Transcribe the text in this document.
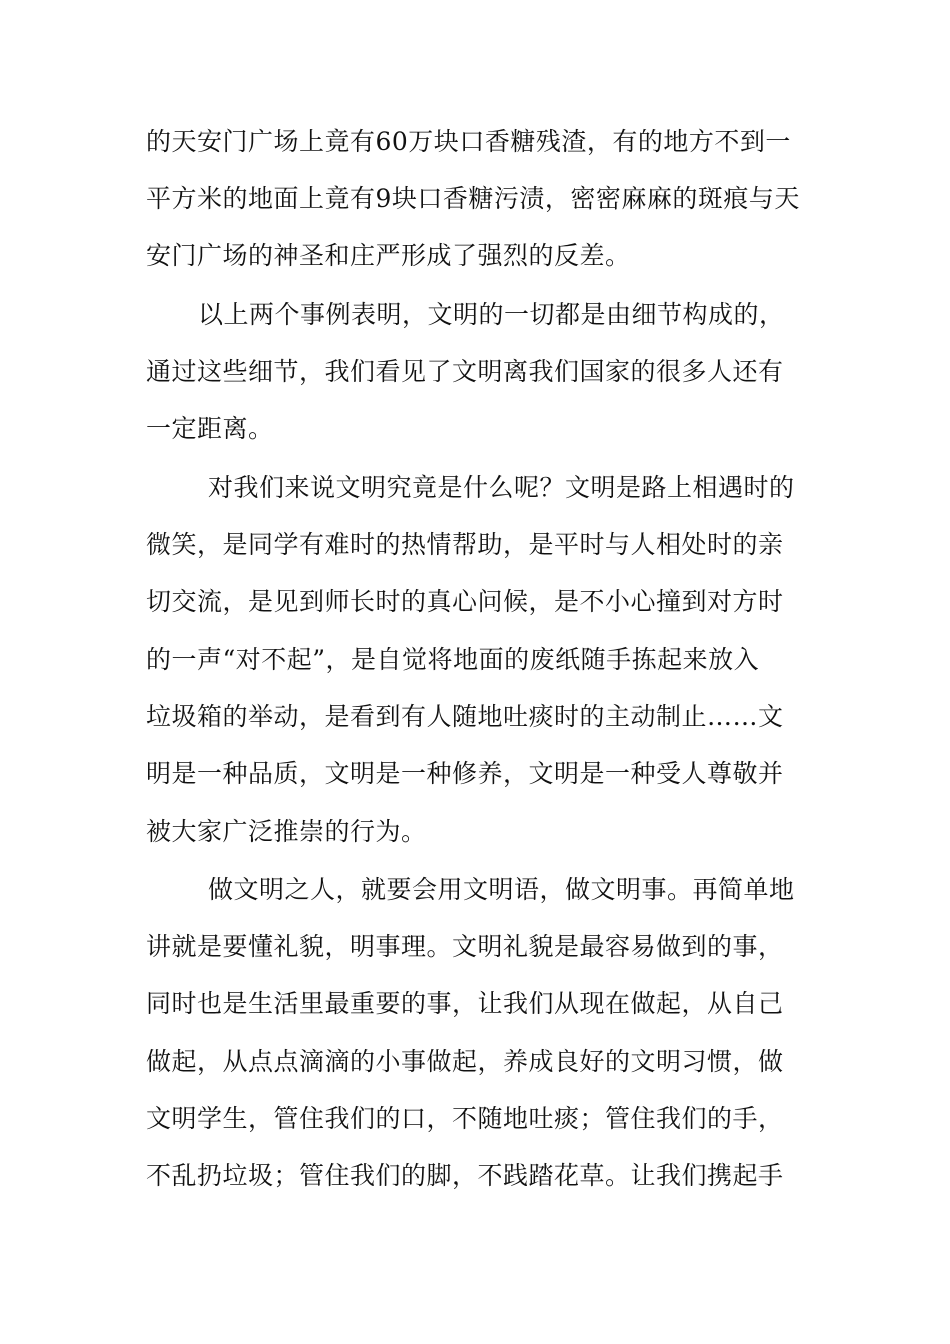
的天安门广场上竟有60万块口香糖残渣，有的地方不到一
平方米的地面上竟有9块口香糖污渍，密密麻麻的斑痕与天
安门广场的神圣和庄严形成了强烈的反差。
以上两个事例表明，文明的一切都是由细节构成的，
通过这些细节，我们看见了文明离我们国家的很多人还有
一定距离。
对我们来说文明究竟是什么呢？文明是路上相遇时的
微笑，是同学有难时的热情帮助，是平时与人相处时的亲
切交流，是见到师长时的真心问候，是不小心撞到对方时
的一声“对不起”，是自觉将地面的废纸随手拣起来放入
垃圾箱的举动，是看到有人随地吐痰时的主动制止……文
明是一种品质，文明是一种修养，文明是一种受人尊敬并
被大家广泛推崇的行为。
做文明之人，就要会用文明语，做文明事。再简单地
讲就是要懂礼貌，明事理。文明礼貌是最容易做到的事，
同时也是生活里最重要的事，让我们从现在做起，从自己
做起，从点点滴滴的小事做起，养成良好的文明习惯，做
文明学生，管住我们的口，不随地吐痰；管住我们的手，
不乱扔垃圾；管住我们的脚，不践踏花草。让我们携起手
